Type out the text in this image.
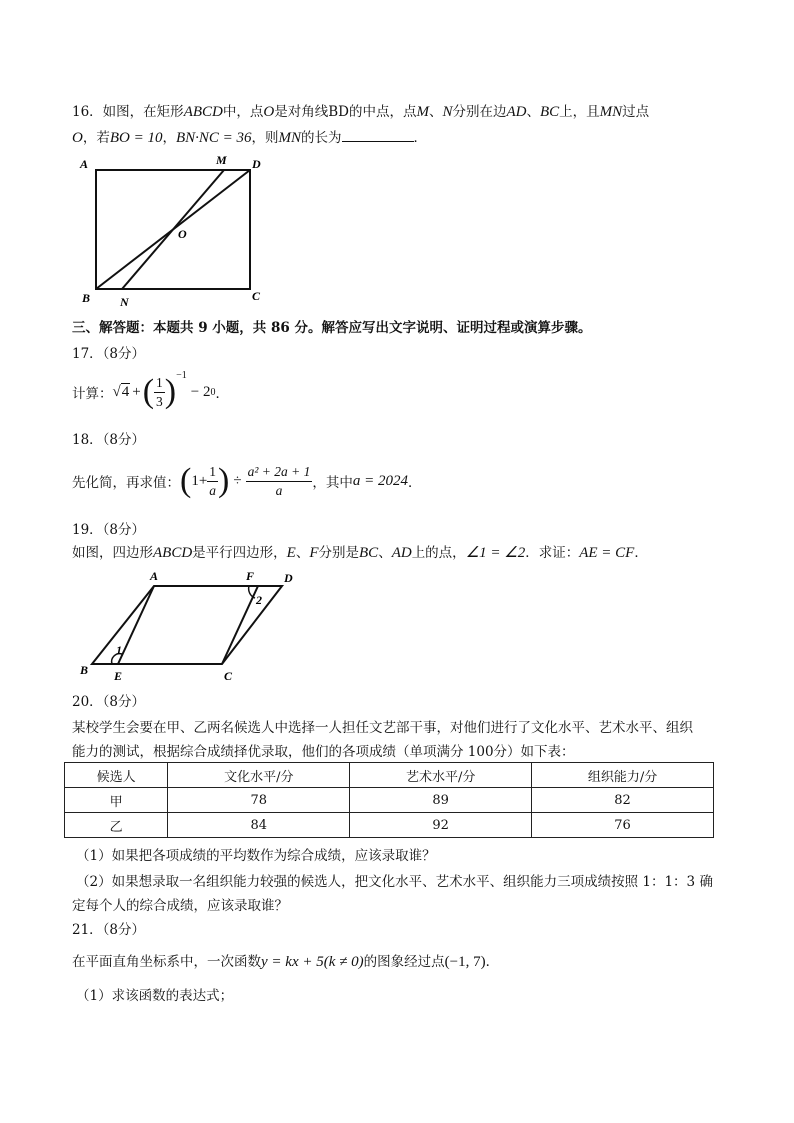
16．如图，在矩形ABCD中，点O是对角线BD的中点，点M、N分别在边AD、BC上，且MN过点
O，若BO = 10，BN·NC = 36，则MN的长为	．
A	M D
O
B N	C
三、解答题：本题共 9 小题，共 86 分。解答应写出文字说明、证明过程或演算步骤。
17．（8分）
计算： √ 4 + ( $\frac{1}{3} )^{-1}$
− 2 0 ．
18．（8分）
先化简，再求值： ( $1+ \frac{1}{a}$ ) ÷ $\frac{\text{a² + 2a + 1}}{a}$ ，其中 a = 2024 ．
19．（8分）
如图，四边形ABCD是平行四边形，E、F分别是BC、AD上的点，∠1 = ∠2．求证：AE = CF．
A	F D
2
1
B E	C
20．（8分）
某校学生会要在甲、乙两名候选人中选择一人担任文艺部干事，对他们进行了文化水平、艺术水平、组织
能力的测试，根据综合成绩择优录取，他们的各项成绩（单项满分 100分）如下表：
候选人	文化水平/分	艺术水平/分	组织能力/分
甲	78	89	82
乙	84	92	76
（1）如果把各项成绩的平均数作为综合成绩，应该录取谁？
（2）如果想录取一名组织能力较强的候选人，把文化水平、艺术水平、组织能力三项成绩按照 1：1：3 确
定每个人的综合成绩，应该录取谁？
21．（8分）
在平面直角坐标系中，一次函数y = kx + 5(k ≠ 0)的图象经过点(−1, 7)．
（1）求该函数的表达式；
